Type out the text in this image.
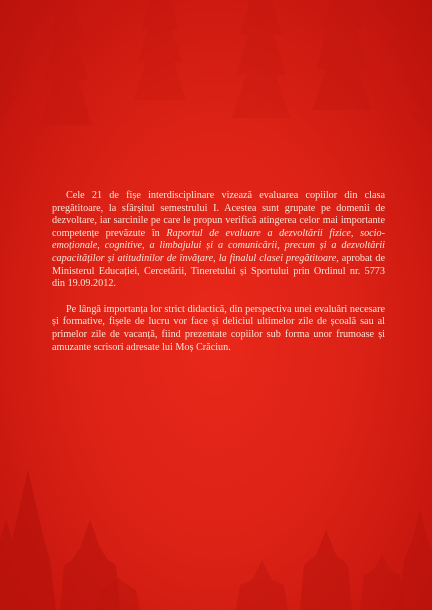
Cele 21 de fișe interdisciplinare vizează evaluarea copiilor din clasa pregătitoare, la sfârșitul semestrului I. Acestea sunt grupate pe domenii de dezvoltare, iar sarcinile pe care le propun verifică atingerea celor mai importante competențe prevăzute în Raportul de evaluare a dezvoltării fizice, socio-emoționale, cognitive, a limbajului și a comunicării, precum și a dezvoltării capacităților și atitudinilor de învățare, la finalul clasei pregătitoare, aprobat de Ministerul Educației, Cercetării, Tineretului și Sportului prin Ordinul nr. 5773 din 19.09.2012.

Pe lângă importanța lor strict didactică, din perspectiva unei evaluări necesare și formative, fișele de lucru vor face și deliciul ultimelor zile de școală sau al primelor zile de vacanță, fiind prezentate copiilor sub forma unor frumoase și amuzante scrisori adresate lui Moș Crăciun.
